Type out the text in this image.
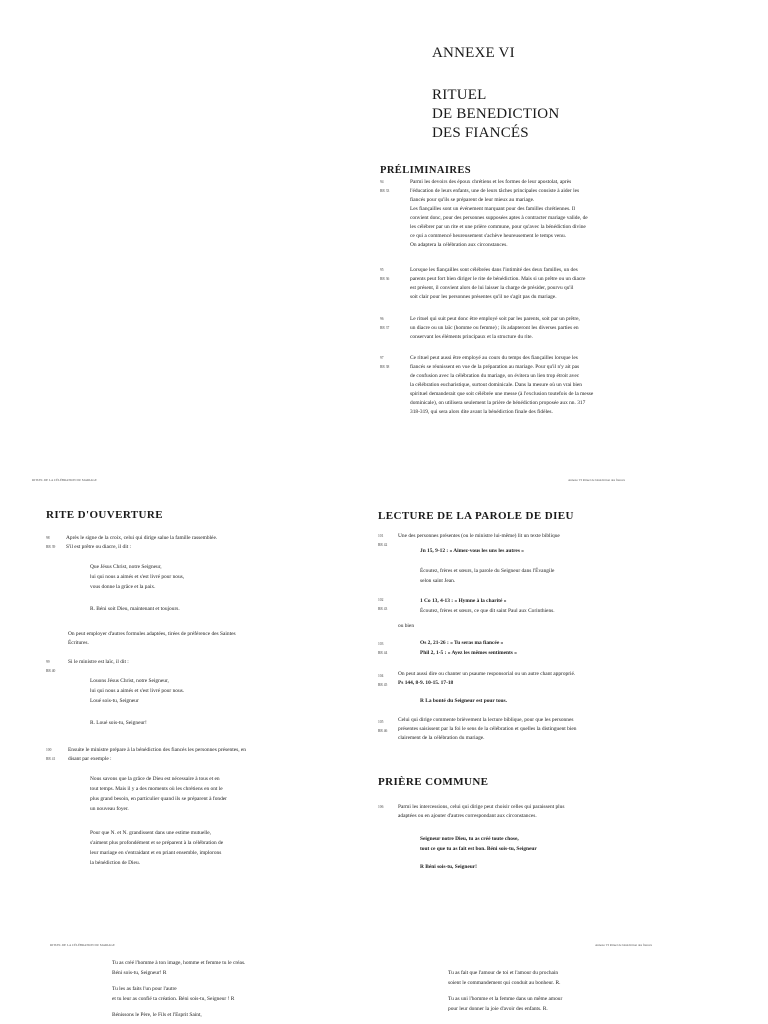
ANNEXE VI
RITUEL
DE BENEDICTION
DES FIANCÉS
PRÉLIMINAIRES
94
RR 33
Parmi les devoirs des époux chrétiens et les formes de leur apostolat, après
l'éducation de leurs enfants, une de leurs tâches principales consiste à aider les
fiancés pour qu'ils se préparent de leur mieux au mariage.
Les fiançailles sont un événement marquant pour des familles chrétiennes. Il
convient donc, pour des personnes supposées aptes à contracter mariage valide, de
les célébrer par un rite et une prière commune, pour qu'avec la bénédiction divine
ce qui a commencé heureusement s'achève heureusement le temps venu.
On adaptera la célébration aux circonstances.
95
RR 36
Lorsque les fiançailles sont célébrées dans l'intimité des deux familles, un des
parents peut fort bien diriger le rite de bénédiction. Mais si un prêtre ou un diacre
est présent, il convient alors de lui laisser la charge de présider, pourvu qu'il
soit clair pour les personnes présentes qu'il ne s'agit pas du mariage.
96
RR 37
Le rituel qui suit peut donc être employé soit par les parents, soit par un prêtre,
un diacre ou un laïc (homme ou femme) ; ils adapteront les diverses parties en
conservant les éléments principaux et la structure du rite.
97
RR 38
Ce rituel peut aussi être employé au cours du temps des fiançailles lorsque les
fiancés se réunissent en vue de la préparation au mariage. Pour qu'il n'y ait pas
de confusion avec la célébration du mariage, on évitera un lien trop étroit avec
la célébration eucharistique, surtout dominicale. Dans la mesure où un vrai bien
spirituel demanderait que soit célébrée une messe (à l'exclusion toutefois de la messe
dominicale), on utilisera seulement la prière de bénédiction proposée aux nn. 317
318-319, qui sera alors dite avant la bénédiction finale des fidèles.
RITUEL DE LA CÉLÉBRATION DU MARIAGE	Annexe VI Rituel de bénédiction des fiancés
RITE D'OUVERTURE
98
RR 39
Après le signe de la croix, celui qui dirige salue la famille rassemblée.
S'il est prêtre ou diacre, il dit :
Que Jésus Christ, notre Seigneur,
lui qui nous a aimés et s'est livré pour nous,
vous donne la grâce et la paix.
R. Béni soit Dieu, maintenant et toujours.
On peut employer d'autres formules adaptées, tirées de préférence des Saintes
Écritures.
99
RR 40
Si le ministre est laïc, il dit :
Louons Jésus Christ, notre Seigneur,
lui qui nous a aimés et s'est livré pour nous.
Loué sois-tu, Seigneur
R. Loué sois-tu, Seigneur!
100
RR 41
Ensuite le ministre prépare à la bénédiction des fiancés les personnes présentes, en
disant par exemple :
Nous savons que la grâce de Dieu est nécessaire à tous et en
tout temps. Mais il y a des moments où les chrétiens en ont le
plus grand besoin, en particulier quand ils se préparent à fonder
un nouveau foyer.
Pour que N. et N. grandissent dans une estime mutuelle,
s'aiment plus profondément et se préparent à la célébration de
leur mariage en s'entraidant et en priant ensemble, implorons
la bénédiction de Dieu.
LECTURE DE LA PAROLE DE DIEU
101
RR 42
Une des personnes présentes (ou le ministre lui-même) lit un texte biblique
Jn 15, 9-12 : « Aimez-vous les uns les autres »
Écoutez, frères et sœurs, la parole du Seigneur dans l'Évangile
selon saint Jean.
102
RR 43
1 Co 13, 4-13 : « Hymne à la charité »
Écoutez, frères et sœurs, ce que dit saint Paul aux Corinthiens.
ou bien
103
RR 44
Os 2, 21-26 : « Tu seras ma fiancée »
Phil 2, 1-5 : « Ayez les mêmes sentiments »
104
RR 45
On peut aussi dire ou chanter un psaume responsorial ou un autre chant approprié.
Ps 144, 8-9. 10-15. 17-18
R La bonté du Seigneur est pour tous.
105
RR 46
Celui qui dirige commente brièvement la lecture biblique, pour que les personnes
présentes saisissent par la foi le sens de la célébration et quelles la distinguent bien
clairement de la célébration du mariage.
PRIÈRE COMMUNE
106	Parmi les intercessions, celui qui dirige peut choisir celles qui paraissent plus
adaptées ou en ajouter d'autres correspondant aux circonstances.
Seigneur notre Dieu, tu as créé toute chose,
tout ce que tu as fait est bon. Béni sois-tu, Seigneur
R Béni sois-tu, Seigneur!
RITUEL DE LA CÉLÉBRATION DU MARIAGE	Annexe VI Rituel de bénédiction des fiancés
Tu as créé l'homme à ton image, homme et femme tu le créas.
Béni sois-tu, Seigneur! R
Tu les as faits l'un pour l'autre
et tu leur as confié ta création. Béni sois-tu, Seigneur ! R
Bénissons le Père, le Fils et l'Esprit Saint,
Tu as fait que l'amour de toi et l'amour du prochain
soient le commandement qui conduit au bonheur. R.
Tu as uni l'homme et la femme dans un même amour
pour leur donner la joie d'avoir des enfants. R.
